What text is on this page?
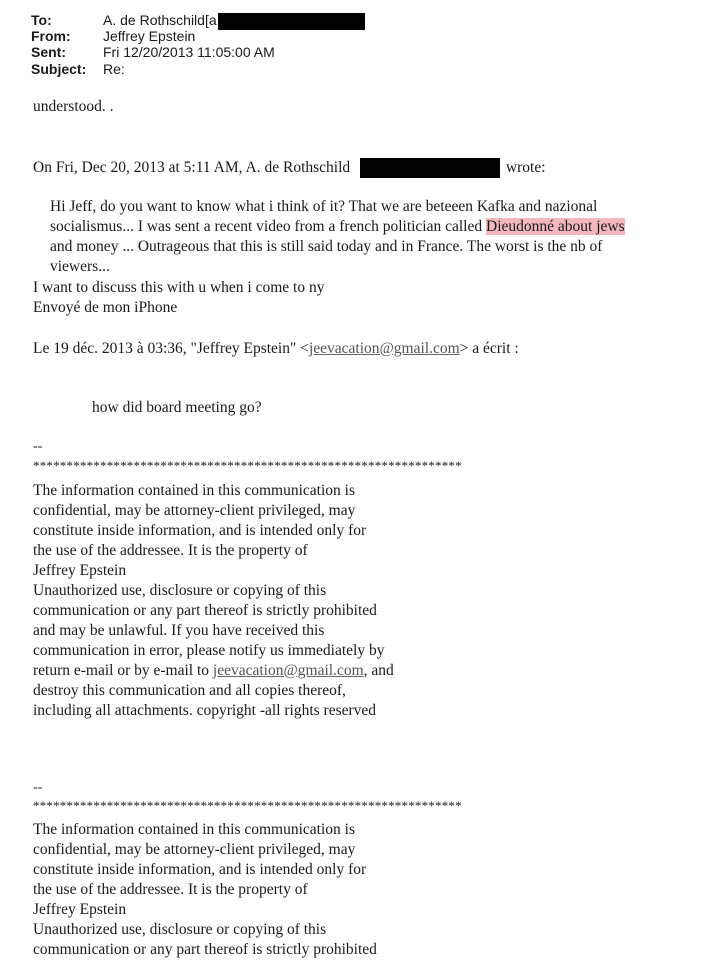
To:	A. de Rothschild[a
From: Jeffrey Epstein
Sent:	Fri 12/20/2013 11:05:00 AM
Subject: Re:
understood. .
On Fri, Dec 20, 2013 at 5:11 AM, A. de Rothschild	wrote:
Hi Jeff, do you want to know what i think of it? That we are beteeen Kafka and nazional
socialismus... I was sent a recent video from a french politician called Dieudonné about jews
and money ... Outrageous that this is still said today and in France. The worst is the nb of
viewers...
I want to discuss this with u when i come to ny
Envoyé de mon iPhone
Le 19 déc. 2013 à 03:36, "Jeffrey Epstein" <jeevacation@gmail.com> a écrit :
how did board meeting go?
--
****************************************************************
The information contained in this communication is
confidential, may be attorney-client privileged, may
constitute inside information, and is intended only for
the use of the addressee. It is the property of
Jeffrey Epstein
Unauthorized use, disclosure or copying of this
communication or any part thereof is strictly prohibited
and may be unlawful. If you have received this
communication in error, please notify us immediately by
return e-mail or by e-mail to jeevacation@gmail.com, and
destroy this communication and all copies thereof,
including all attachments. copyright -all rights reserved
--
****************************************************************
The information contained in this communication is
confidential, may be attorney-client privileged, may
constitute inside information, and is intended only for
the use of the addressee. It is the property of
Jeffrey Epstein
Unauthorized use, disclosure or copying of this
communication or any part thereof is strictly prohibited
